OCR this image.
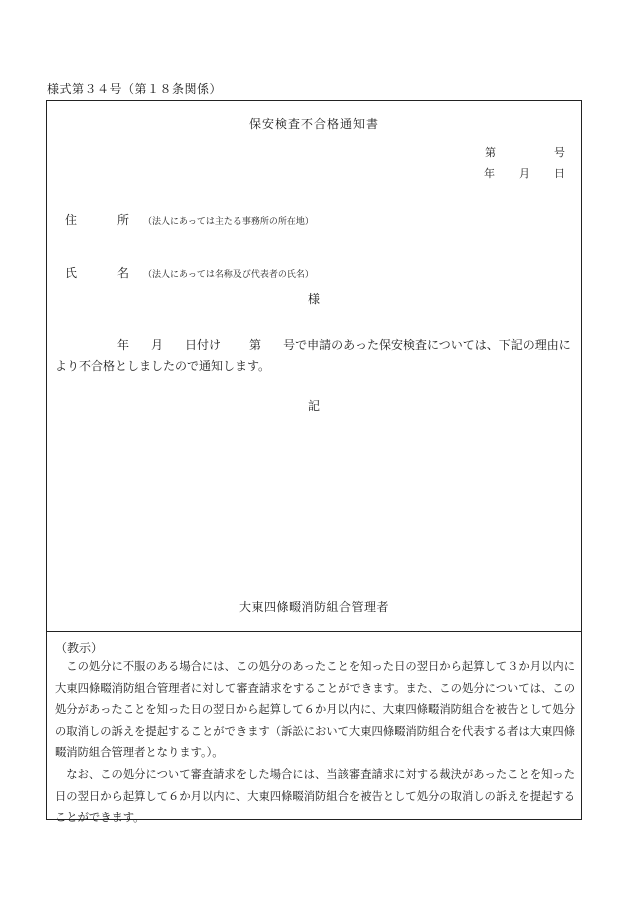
様式第３４号（第１８条関係）
保安検査不合格通知書
第	号
年 月 日
住　所（法人にあっては主たる事務所の所在地）
氏　名（法人にあっては名称及び代表者の氏名）
様
年 月 日付け 第 号で申請のあった保安検査については、下記の理由に
より不合格としましたので通知します。
記
大東四條畷消防組合管理者
（教示）

この処分に不服のある場合には、この処分のあったことを知った日の翌日から起算して３か月以内に大東四條畷消防組合管理者に対して審査請求をすることができます。また、この処分については、この処分があったことを知った日の翌日から起算して６か月以内に、大東四條畷消防組合を被告として処分の取消しの訴えを提起することができます（訴訟において大東四條畷消防組合を代表する者は大東四條畷消防組合管理者となります。）。

なお、この処分について審査請求をした場合には、当該審査請求に対する裁決があったことを知った日の翌日から起算して６か月以内に、大東四條畷消防組合を被告として処分の取消しの訴えを提起することができます。
